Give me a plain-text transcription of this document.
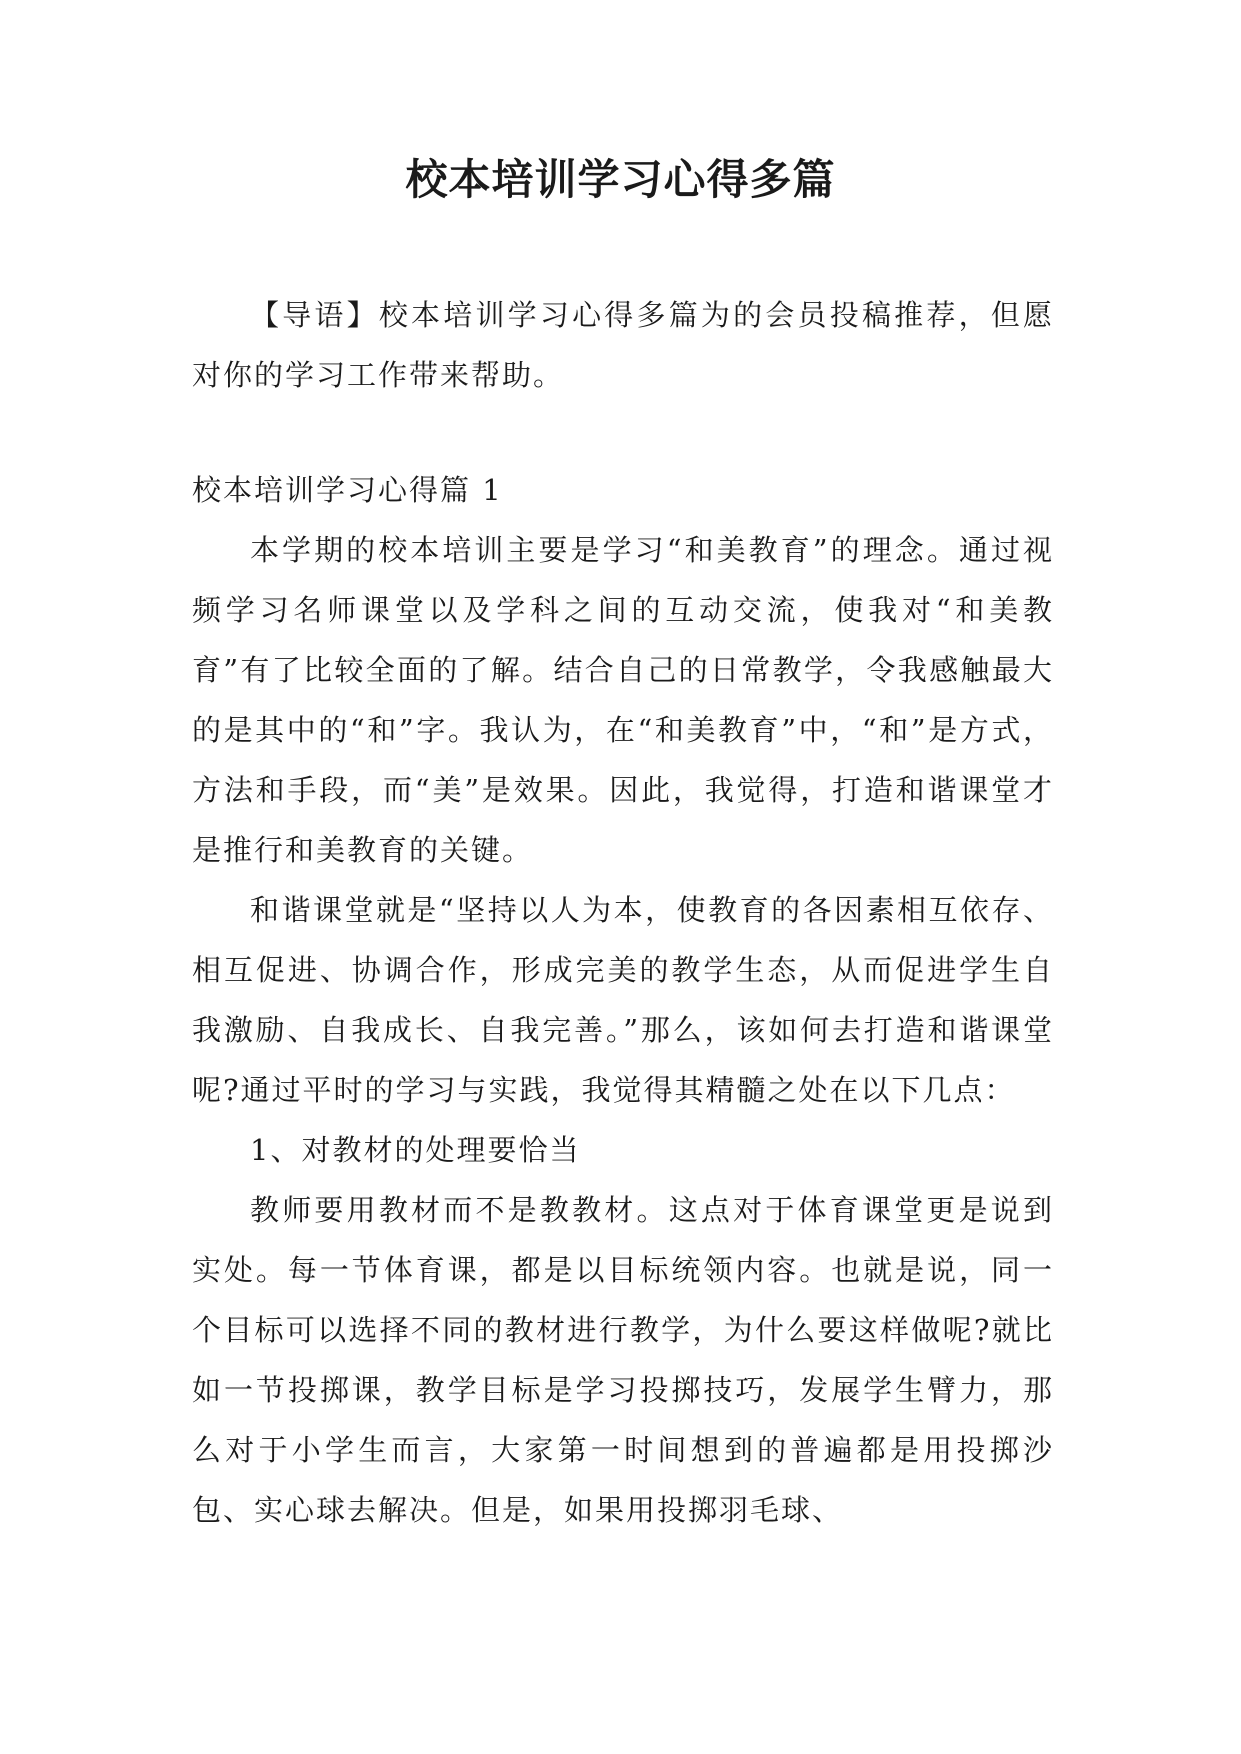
校本培训学习心得多篇

【导语】校本培训学习心得多篇为的会员投稿推荐，但愿对你的学习工作带来帮助。

校本培训学习心得篇 1

本学期的校本培训主要是学习“和美教育”的理念。通过视频学习名师课堂以及学科之间的互动交流，使我对“和美教育”有了比较全面的了解。结合自己的日常教学，令我感触最大的是其中的“和”字。我认为，在“和美教育”中，“和”是方式，方法和手段，而“美”是效果。因此，我觉得，打造和谐课堂才是推行和美教育的关键。

和谐课堂就是“坚持以人为本，使教育的各因素相互依存、相互促进、协调合作，形成完美的教学生态，从而促进学生自我激励、自我成长、自我完善。”那么，该如何去打造和谐课堂呢?通过平时的学习与实践，我觉得其精髓之处在以下几点：

1、对教材的处理要恰当

教师要用教材而不是教教材。这点对于体育课堂更是说到实处。每一节体育课，都是以目标统领内容。也就是说，同一个目标可以选择不同的教材进行教学，为什么要这样做呢?就比如一节投掷课，教学目标是学习投掷技巧，发展学生臂力，那么对于小学生而言，大家第一时间想到的普遍都是用投掷沙包、实心球去解决。但是，如果用投掷羽毛球、
